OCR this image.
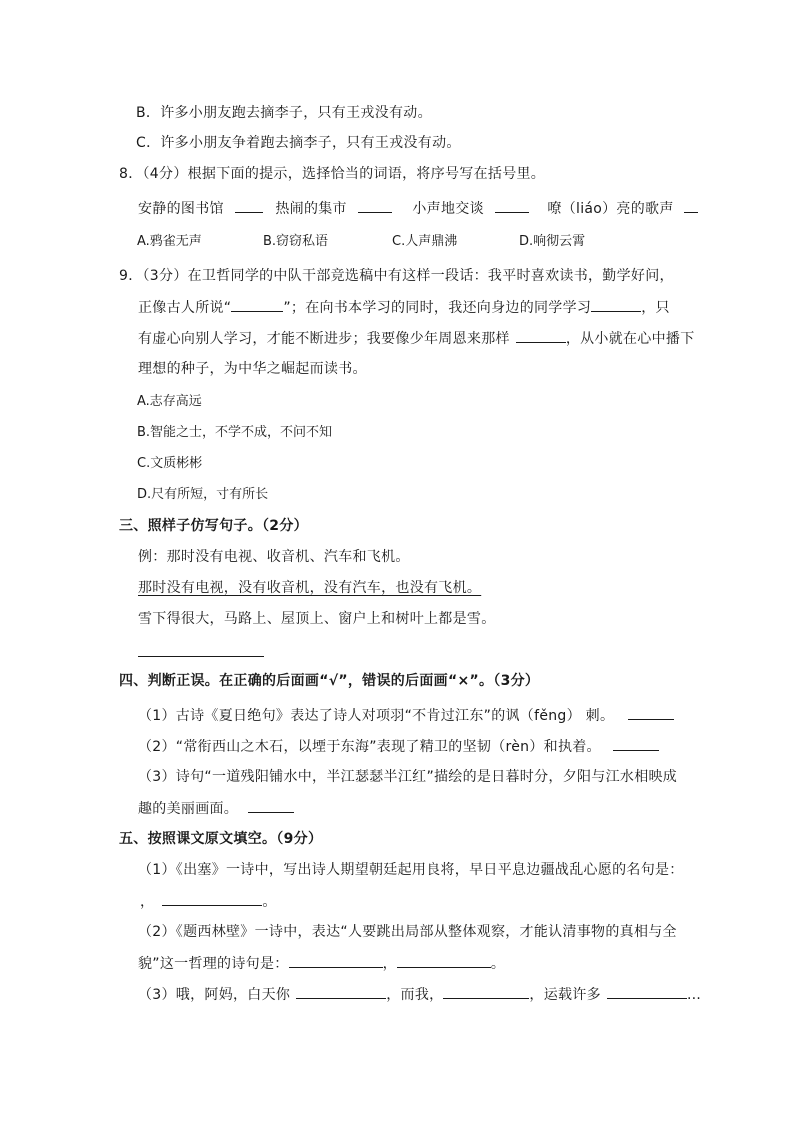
B．许多小朋友跑去摘李子，只有王戎没有动。
C．许多小朋友争着跑去摘李子，只有王戎没有动。
8．（4分）根据下面的提示，选择恰当的词语，将序号写在括号里。
安静的图书馆	热闹的集市	小声地交谈	嘹（liáo）亮的歌声
A.鸦雀无声	B.窃窃私语	C.人声鼎沸	D.响彻云霄
9．（3分）在卫哲同学的中队干部竞选稿中有这样一段话：我平时喜欢读书，勤学好问，
正像古人所说“	”；在向书本学习的同时，我还向身边的同学学习	，只
有虚心向别人学习，才能不断进步；我要像少年周恩来那样	，从小就在心中播下
理想的种子，为中华之崛起而读书。
A.志存高远
B.智能之士，不学不成，不问不知
C.文质彬彬
D.尺有所短，寸有所长
三、照样子仿写句子。（2分）
例：那时没有电视、收音机、汽车和飞机。
那时没有电视，没有收音机，没有汽车，也没有飞机。
雪下得很大，马路上、屋顶上、窗户上和树叶上都是雪。
四、判断正误。在正确的后面画“√”，错误的后面画“×”。（3分）
（1）古诗《夏日绝句》表达了诗人对项羽“不肯过江东”的讽（fěng） 刺。
（2）“常衔西山之木石，以堙于东海”表现了精卫的坚韧（rèn）和执着。
（3）诗句“一道残阳铺水中，半江瑟瑟半江红”描绘的是日暮时分，夕阳与江水相映成
趣的美丽画面。
五、按照课文原文填空。（9分）
（1）《出塞》一诗中，写出诗人期望朝廷起用良将，早日平息边疆战乱心愿的名句是：
，	。
（2）《题西林壁》一诗中，表达“人要跳出局部从整体观察，才能认清事物的真相与全
貌”这一哲理的诗句是：	，	。
（3）哦，阿妈，白天你	，而我，	，运载许多	…
